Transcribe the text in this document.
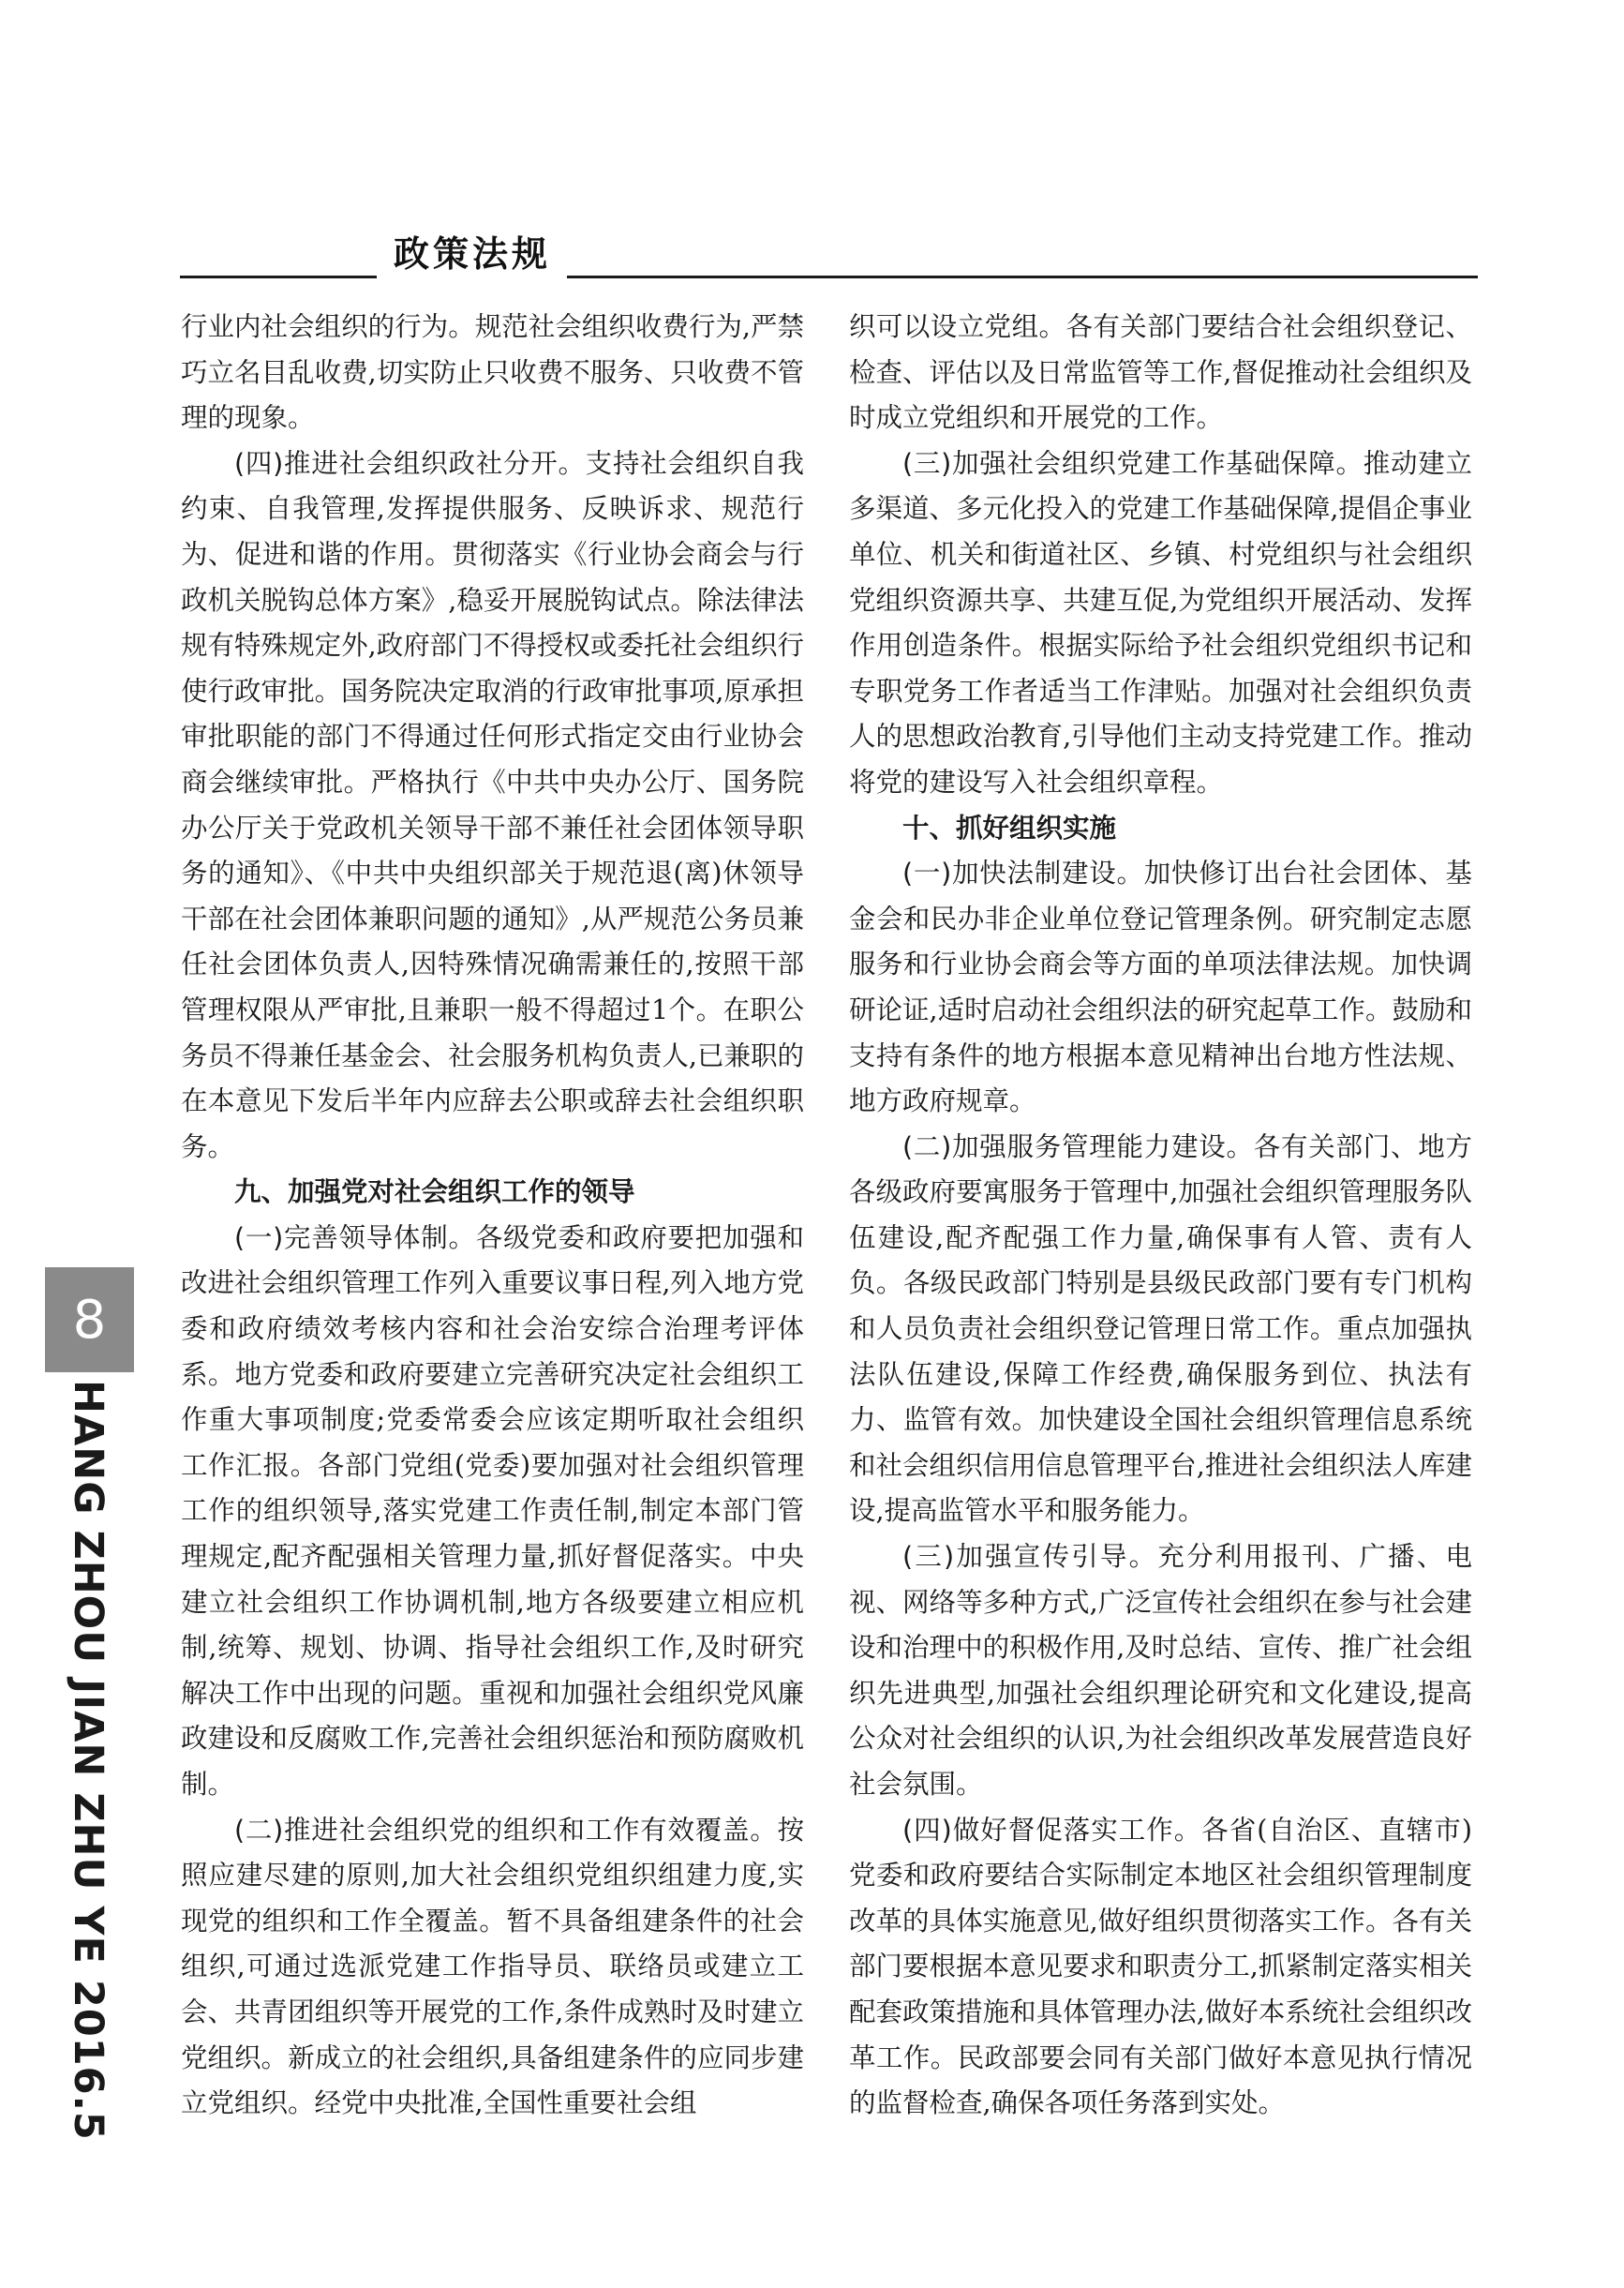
政策法规

行业内社会组织的行为。规范社会组织收费行为,严禁巧立名目乱收费,切实防止只收费不服务、只收费不管理的现象。

(四)推进社会组织政社分开。支持社会组织自我约束、自我管理,发挥提供服务、反映诉求、规范行为、促进和谐的作用。贯彻落实《行业协会商会与行政机关脱钩总体方案》,稳妥开展脱钩试点。除法律法规有特殊规定外,政府部门不得授权或委托社会组织行使行政审批。国务院决定取消的行政审批事项,原承担审批职能的部门不得通过任何形式指定交由行业协会商会继续审批。严格执行《中共中央办公厅、国务院办公厅关于党政机关领导干部不兼任社会团体领导职务的通知》、《中共中央组织部关于规范退(离)休领导干部在社会团体兼职问题的通知》,从严规范公务员兼任社会团体负责人,因特殊情况确需兼任的,按照干部管理权限从严审批,且兼职一般不得超过1个。在职公务员不得兼任基金会、社会服务机构负责人,已兼职的在本意见下发后半年内应辞去公职或辞去社会组织职务。

九、加强党对社会组织工作的领导

(一)完善领导体制。各级党委和政府要把加强和改进社会组织管理工作列入重要议事日程,列入地方党委和政府绩效考核内容和社会治安综合治理考评体系。地方党委和政府要建立完善研究决定社会组织工作重大事项制度;党委常委会应该定期听取社会组织工作汇报。各部门党组(党委)要加强对社会组织管理工作的组织领导,落实党建工作责任制,制定本部门管理规定,配齐配强相关管理力量,抓好督促落实。中央建立社会组织工作协调机制,地方各级要建立相应机制,统筹、规划、协调、指导社会组织工作,及时研究解决工作中出现的问题。重视和加强社会组织党风廉政建设和反腐败工作,完善社会组织惩治和预防腐败机制。

(二)推进社会组织党的组织和工作有效覆盖。按照应建尽建的原则,加大社会组织党组织组建力度,实现党的组织和工作全覆盖。暂不具备组建条件的社会组织,可通过选派党建工作指导员、联络员或建立工会、共青团组织等开展党的工作,条件成熟时及时建立党组织。新成立的社会组织,具备组建条件的应同步建立党组织。经党中央批准,全国性重要社会组

织可以设立党组。各有关部门要结合社会组织登记、检查、评估以及日常监管等工作,督促推动社会组织及时成立党组织和开展党的工作。

(三)加强社会组织党建工作基础保障。推动建立多渠道、多元化投入的党建工作基础保障,提倡企事业单位、机关和街道社区、乡镇、村党组织与社会组织党组织资源共享、共建互促,为党组织开展活动、发挥作用创造条件。根据实际给予社会组织党组织书记和专职党务工作者适当工作津贴。加强对社会组织负责人的思想政治教育,引导他们主动支持党建工作。推动将党的建设写入社会组织章程。

十、抓好组织实施

(一)加快法制建设。加快修订出台社会团体、基金会和民办非企业单位登记管理条例。研究制定志愿服务和行业协会商会等方面的单项法律法规。加快调研论证,适时启动社会组织法的研究起草工作。鼓励和支持有条件的地方根据本意见精神出台地方性法规、地方政府规章。

(二)加强服务管理能力建设。各有关部门、地方各级政府要寓服务于管理中,加强社会组织管理服务队伍建设,配齐配强工作力量,确保事有人管、责有人负。各级民政部门特别是县级民政部门要有专门机构和人员负责社会组织登记管理日常工作。重点加强执法队伍建设,保障工作经费,确保服务到位、执法有力、监管有效。加快建设全国社会组织管理信息系统和社会组织信用信息管理平台,推进社会组织法人库建设,提高监管水平和服务能力。

(三)加强宣传引导。充分利用报刊、广播、电视、网络等多种方式,广泛宣传社会组织在参与社会建设和治理中的积极作用,及时总结、宣传、推广社会组织先进典型,加强社会组织理论研究和文化建设,提高公众对社会组织的认识,为社会组织改革发展营造良好社会氛围。

(四)做好督促落实工作。各省(自治区、直辖市)党委和政府要结合实际制定本地区社会组织管理制度改革的具体实施意见,做好组织贯彻落实工作。各有关部门要根据本意见要求和职责分工,抓紧制定落实相关配套政策措施和具体管理办法,做好本系统社会组织改革工作。民政部要会同有关部门做好本意见执行情况的监督检查,确保各项任务落到实处。

8
HANG ZHOU JIAN ZHU YE 2016.5
